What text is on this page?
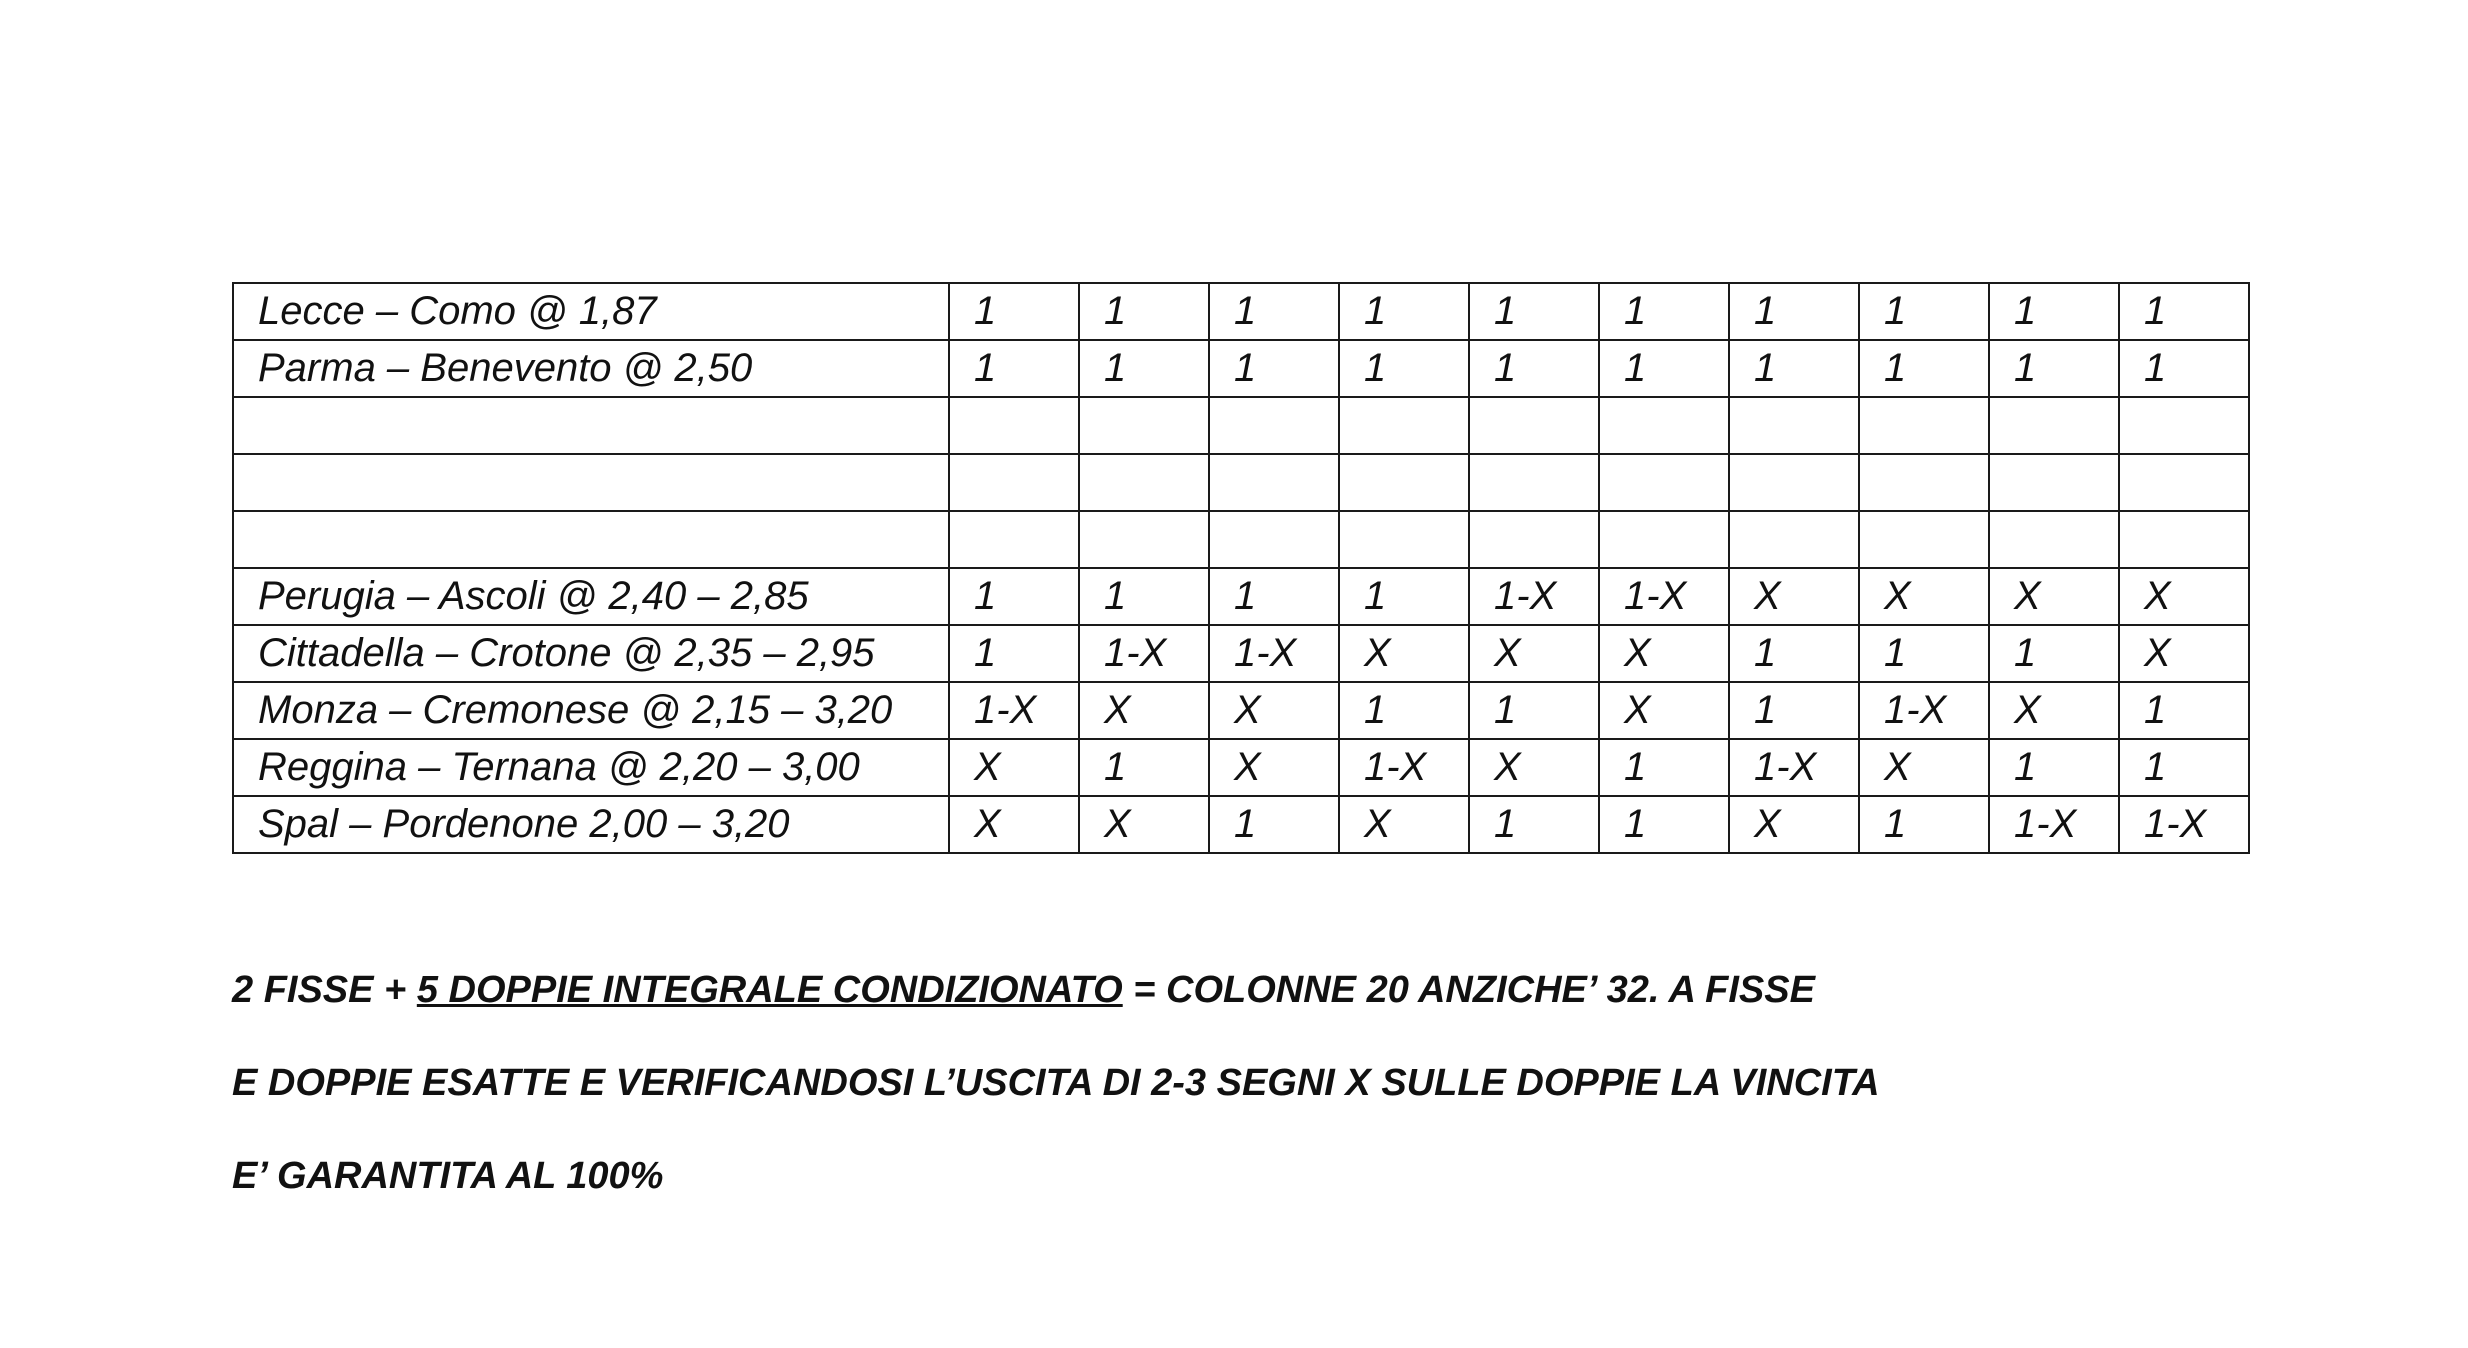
Lecce – Como @ 1,87	1	1	1	1	1	1	1	1	1	1
Parma – Benevento @ 2,50	1	1	1	1	1	1	1	1	1	1

Perugia – Ascoli @ 2,40 – 2,85	1	1	1	1	1-X	1-X	X	X	X	X
Cittadella – Crotone @ 2,35 – 2,95	1	1-X	1-X	X	X	X	1	1	1	X
Monza – Cremonese @ 2,15 – 3,20	1-X	X	X	1	1	X	1	1-X	X	1
Reggina – Ternana @ 2,20 – 3,00	X	1	X	1-X	X	1	1-X	X	1	1
Spal – Pordenone 2,00 – 3,20	X	X	1	X	1	1	X	1	1-X	1-X
2 FISSE + 5 DOPPIE INTEGRALE CONDIZIONATO = COLONNE 20 ANZICHE’ 32. A FISSE
E DOPPIE ESATTE E VERIFICANDOSI L’USCITA DI 2-3 SEGNI X SULLE DOPPIE LA VINCITA
E’ GARANTITA AL 100%
